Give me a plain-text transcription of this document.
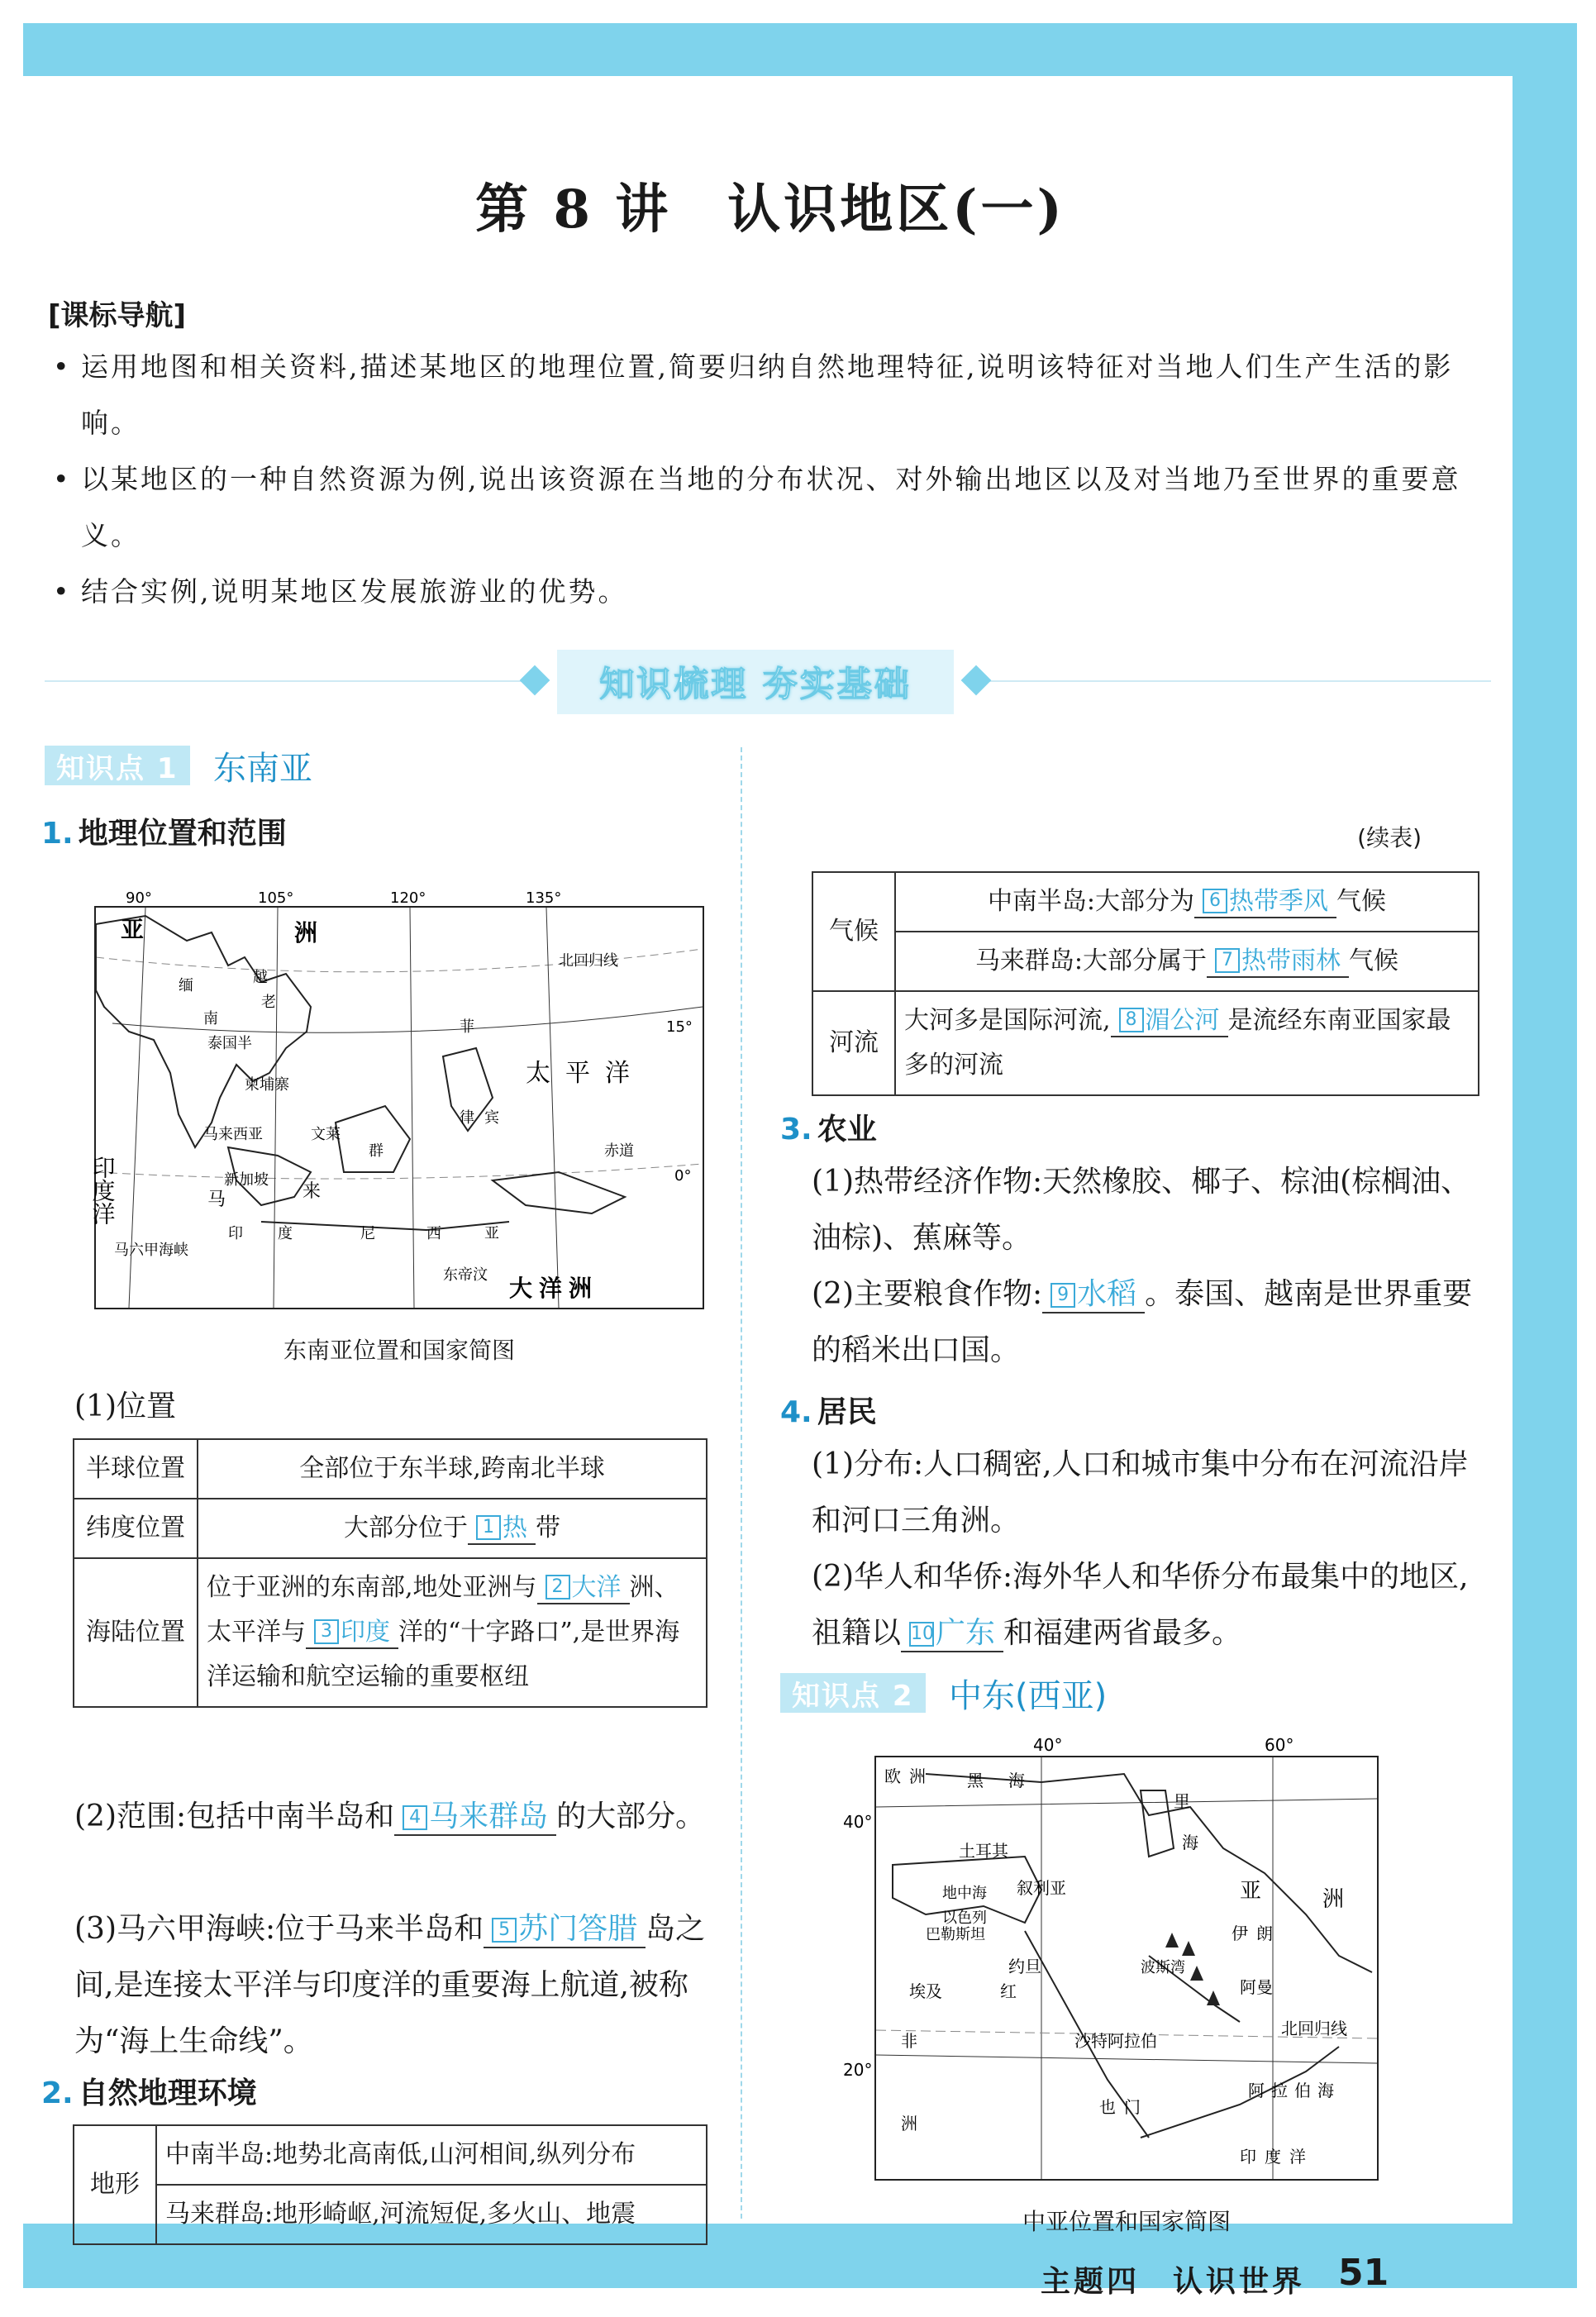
第 8 讲　认识地区(一)
[课标导航]
• 运用地图和相关资料,描述某地区的地理位置,简要归纳自然地理特征,说明该特征对当地人们生产生活的影响。
• 以某地区的一种自然资源为例,说出该资源在当地的分布状况、对外输出地区以及对当地乃至世界的重要意义。
• 结合实例,说明某地区发展旅游业的优势。
知识梳理 夯实基础
知识点 1	东南亚
1. 地理位置和范围
90°	105°	120°	135°
15°
0°
亚	洲
北回归线
太平洋
赤道
印度洋
马六甲海峡
大洋洲
缅	越
老
南
泰国半
柬埔寨
菲
律 宾
群
马来西亚	文莱
新加坡
马	来
印 度	尼	西	亚
东帝汶
东南亚位置和国家简图
(1)位置
半球位置	全部位于东半球,跨南北半球
纬度位置	大部分位于 1 热 带
海陆位置	位于亚洲的东南部,地处亚洲与 2 大洋 洲、太平洋与 3 印度 洋的“十字路口”,是世界海洋运输和航空运输的重要枢纽
(2)范围:包括中南半岛和 4 马来群岛 的大部分。
(3)马六甲海峡:位于马来半岛和 5 苏门答腊 岛之间,是连接太平洋与印度洋的重要海上航道,被称为“海上生命线”。
2. 自然地理环境
地形	中南半岛:地势北高南低,山河相间,纵列分布
马来群岛:地形崎岖,河流短促,多火山、地震
(续表)
气候	中南半岛:大部分为 6 热带季风 气候
	马来群岛:大部分属于 7 热带雨林 气候
河流	大河多是国际河流, 8 湄公河 是流经东南亚国家最多的河流
3. 农业
(1)热带经济作物:天然橡胶、椰子、棕油(棕榈油、油棕)、蕉麻等。
(2)主要粮食作物: 9 水稻 。泰国、越南是世界重要的稻米出口国。
4. 居民
(1)分布:人口稠密,人口和城市集中分布在河流沿岸和河口三角洲。
(2)华人和华侨:海外华人和华侨分布最集中的地区,祖籍以 10广东 和福建两省最多。
知识点 2	中东(西亚)
40°	60°
40°
20°
欧 洲	黑 海
里
海
土耳其
叙利亚
地中海
以色列
巴勒斯坦
亚	洲
伊朗
约旦	波斯湾
阿曼
埃及	红
沙特阿拉伯
北回归线
非
洲
也门
阿拉伯海
印度洋
中亚位置和国家简图
主题四　认识世界 51
